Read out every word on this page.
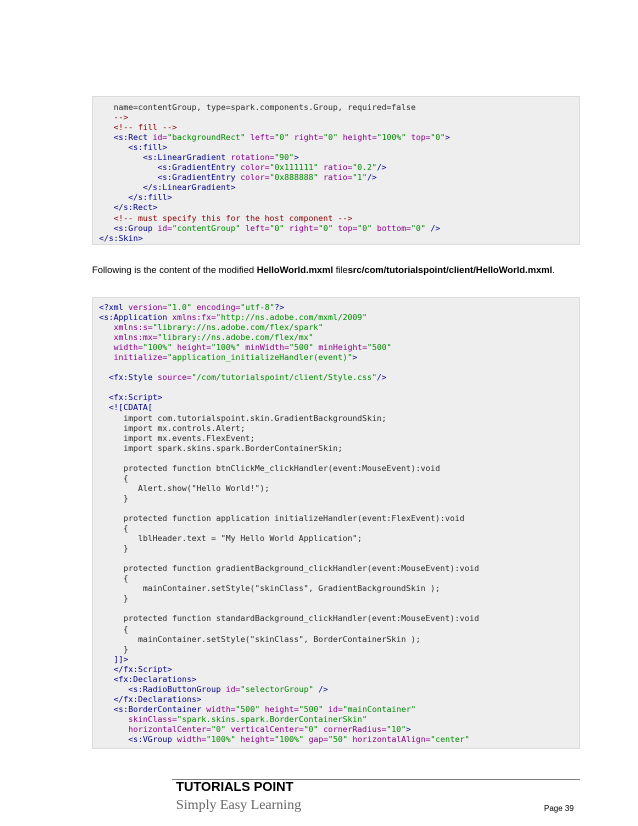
name=contentGroup, type=spark.components.Group, required=false
-->
<!-- fill -->
<s:Rect id="backgroundRect" left="0" right="0" height="100%" top="0">
<s:fill>
<s:LinearGradient rotation="90">
<s:GradientEntry color="0x111111" ratio="0.2"/>
<s:GradientEntry color="0x888888" ratio="1"/>
</s:LinearGradient>
</s:fill>
</s:Rect>
<!-- must specify this for the host component -->
<s:Group id="contentGroup" left="0" right="0" top="0" bottom="0" />
</s:Skin>
Following is the content of the modified HelloWorld.mxml filesrc/com/tutorialspoint/client/HelloWorld.mxml.
<?xml version="1.0" encoding="utf-8"?>
<s:Application xmlns:fx="http://ns.adobe.com/mxml/2009"
xmlns:s="library://ns.adobe.com/flex/spark"
xmlns:mx="library://ns.adobe.com/flex/mx"
width="100%" height="100%" minWidth="500" minHeight="500"
initialize="application_initializeHandler(event)">

<fx:Style source="/com/tutorialspoint/client/Style.css"/>

<fx:Script>
<![CDATA[
import com.tutorialspoint.skin.GradientBackgroundSkin;
import mx.controls.Alert;
import mx.events.FlexEvent;
import spark.skins.spark.BorderContainerSkin;

protected function btnClickMe_clickHandler(event:MouseEvent):void
{
Alert.show("Hello World!");
}

protected function application initializeHandler(event:FlexEvent):void
{
lblHeader.text = "My Hello World Application";
}

protected function gradientBackground_clickHandler(event:MouseEvent):void
{
mainContainer.setStyle("skinClass", GradientBackgroundSkin );
}

protected function standardBackground_clickHandler(event:MouseEvent):void
{
mainContainer.setStyle("skinClass", BorderContainerSkin );
}
]]>
</fx:Script>
<fx:Declarations>
<s:RadioButtonGroup id="selectorGroup" />
</fx:Declarations>
<s:BorderContainer width="500" height="500" id="mainContainer"
skinClass="spark.skins.spark.BorderContainerSkin"
horizontalCenter="0" verticalCenter="0" cornerRadius="10">
<s:VGroup width="100%" height="100%" gap="50" horizontalAlign="center"
TUTORIALS POINT
Simply Easy Learning	Page 39
